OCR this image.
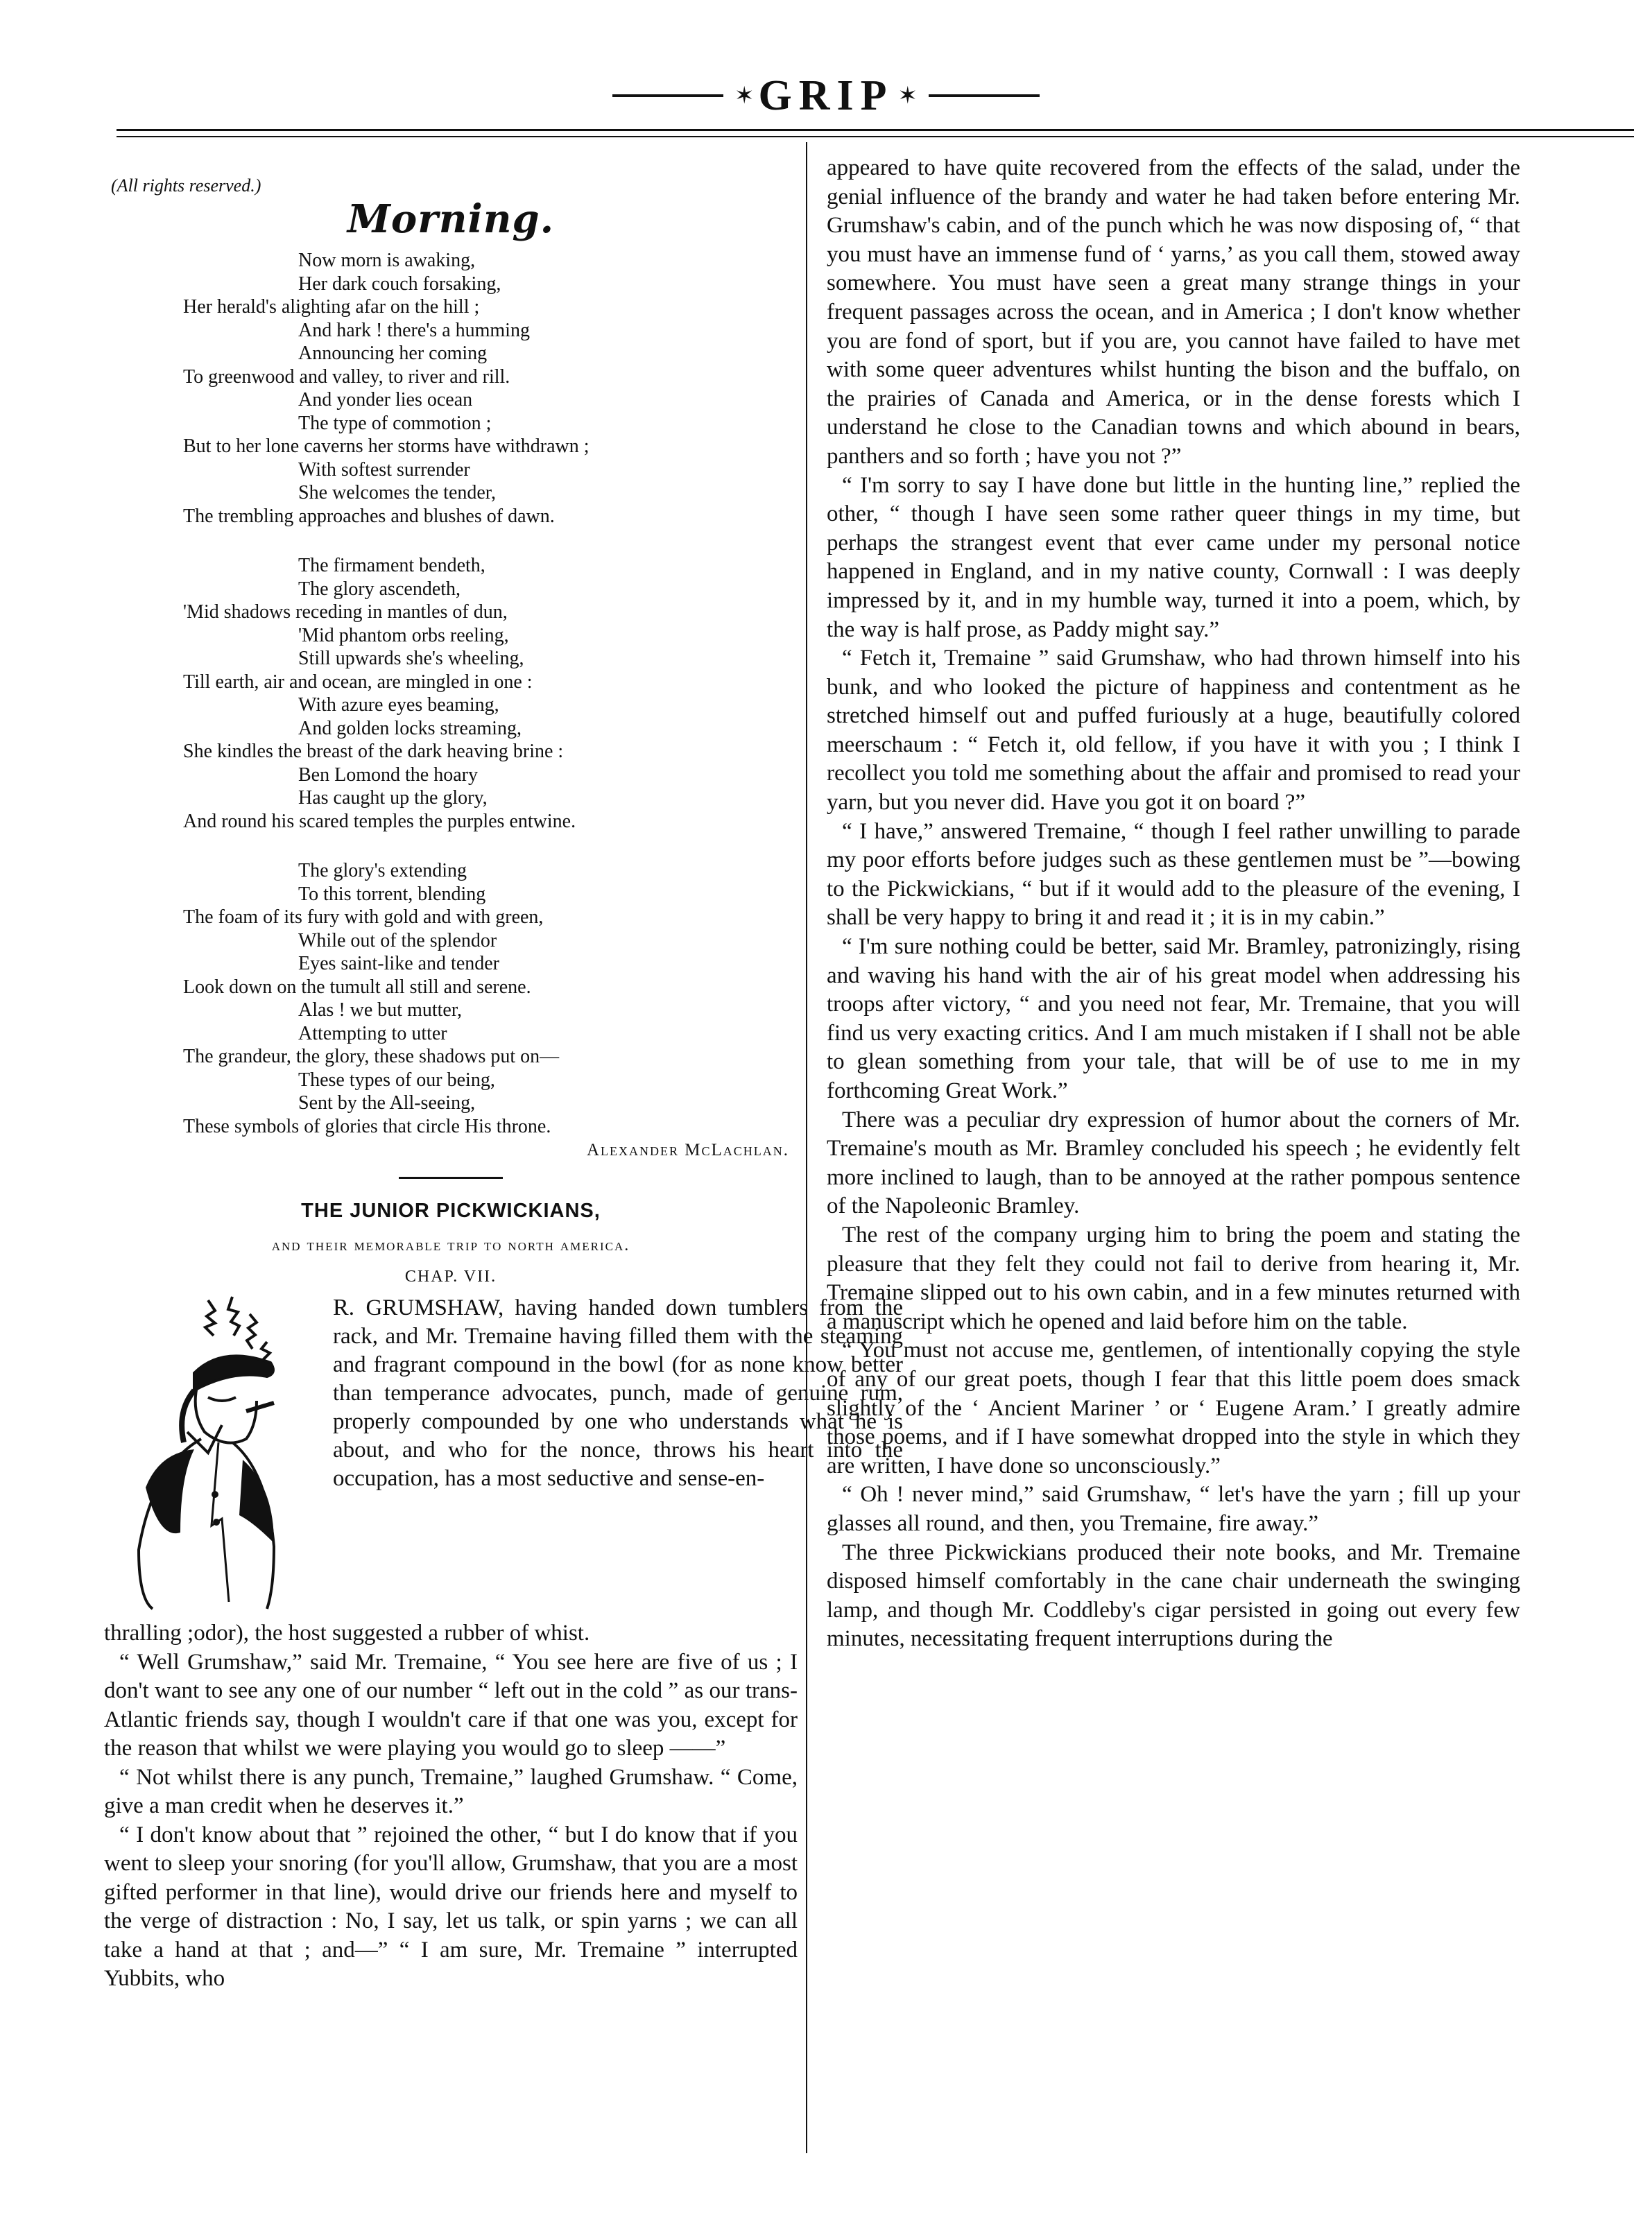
✶ GRIP ✶
(All rights reserved.)
Morning.
Now morn is awaking,
Her dark couch forsaking,
Her herald's alighting afar on the hill ;
And hark ! there's a humming
Announcing her coming
To greenwood and valley, to river and rill.
And yonder lies ocean
The type of commotion ;
But to her lone caverns her storms have withdrawn ;
With softest surrender
She welcomes the tender,
The trembling approaches and blushes of dawn.
The firmament bendeth,
The glory ascendeth,
'Mid shadows receding in mantles of dun,
'Mid phantom orbs reeling,
Still upwards she's wheeling,
Till earth, air and ocean, are mingled in one :
With azure eyes beaming,
And golden locks streaming,
She kindles the breast of the dark heaving brine :
Ben Lomond the hoary
Has caught up the glory,
And round his scared temples the purples entwine.
The glory's extending
To this torrent, blending
The foam of its fury with gold and with green,
While out of the splendor
Eyes saint-like and tender
Look down on the tumult all still and serene.
Alas ! we but mutter,
Attempting to utter
The grandeur, the glory, these shadows put on—
These types of our being,
Sent by the All-seeing,
These symbols of glories that circle His throne.
Alexander McLachlan.
THE JUNIOR PICKWICKIANS,
and their memorable trip to north america.
CHAP. VII.
R. GRUMSHAW, having handed down tumblers from the rack, and Mr. Tremaine having filled them with the steaming and fragrant compound in the bowl (for as none know better than temperance advocates, punch, made of genuine rum, properly compounded by one who understands what he is about, and who for the nonce, throws his heart into the occupation, has a most seductive and sense-en-

thralling ;odor), the host suggested a rubber of whist.

“ Well Grumshaw,” said Mr. Tremaine, “ You see here are five of us ; I don't want to see any one of our number “ left out in the cold ” as our trans-Atlantic friends say, though I wouldn't care if that one was you, except for the reason that whilst we were playing you would go to sleep ——”

“ Not whilst there is any punch, Tremaine,” laughed Grumshaw. “ Come, give a man credit when he deserves it.”

“ I don't know about that ” rejoined the other, “ but I do know that if you went to sleep your snoring (for you'll allow, Grumshaw, that you are a most gifted performer in that line), would drive our friends here and myself to the verge of distraction : No, I say, let us talk, or spin yarns ; we can all take a hand at that ; and—” “ I am sure, Mr. Tremaine ” interrupted Yubbits, who

appeared to have quite recovered from the effects of the salad, under the genial influence of the brandy and water he had taken before entering Mr. Grumshaw's cabin, and of the punch which he was now disposing of, “ that you must have an immense fund of ‘ yarns,’ as you call them, stowed away somewhere. You must have seen a great many strange things in your frequent passages across the ocean, and in America ; I don't know whether you are fond of sport, but if you are, you cannot have failed to have met with some queer adventures whilst hunting the bison and the buffalo, on the prairies of Canada and America, or in the dense forests which I understand he close to the Canadian towns and which abound in bears, panthers and so forth ; have you not ?”

“ I'm sorry to say I have done but little in the hunting line,” replied the other, “ though I have seen some rather queer things in my time, but perhaps the strangest event that ever came under my personal notice happened in England, and in my native county, Cornwall : I was deeply impressed by it, and in my humble way, turned it into a poem, which, by the way is half prose, as Paddy might say.”

“ Fetch it, Tremaine ” said Grumshaw, who had thrown himself into his bunk, and who looked the picture of happiness and contentment as he stretched himself out and puffed furiously at a huge, beautifully colored meerschaum : “ Fetch it, old fellow, if you have it with you ; I think I recollect you told me something about the affair and promised to read your yarn, but you never did. Have you got it on board ?”

“ I have,” answered Tremaine, “ though I feel rather unwilling to parade my poor efforts before judges such as these gentlemen must be ”—bowing to the Pickwickians, “ but if it would add to the pleasure of the evening, I shall be very happy to bring it and read it ; it is in my cabin.”

“ I'm sure nothing could be better, said Mr. Bramley, patronizingly, rising and waving his hand with the air of his great model when addressing his troops after victory, “ and you need not fear, Mr. Tremaine, that you will find us very exacting critics. And I am much mistaken if I shall not be able to glean something from your tale, that will be of use to me in my forthcoming Great Work.”

There was a peculiar dry expression of humor about the corners of Mr. Tremaine's mouth as Mr. Bramley concluded his speech ; he evidently felt more inclined to laugh, than to be annoyed at the rather pompous sentence of the Napoleonic Bramley.

The rest of the company urging him to bring the poem and stating the pleasure that they felt they could not fail to derive from hearing it, Mr. Tremaine slipped out to his own cabin, and in a few minutes returned with a manuscript which he opened and laid before him on the table.

“ You must not accuse me, gentlemen, of intentionally copying the style of any of our great poets, though I fear that this little poem does smack slightly of the ‘ Ancient Mariner ’ or ‘ Eugene Aram.’ I greatly admire those poems, and if I have somewhat dropped into the style in which they are written, I have done so unconsciously.”

“ Oh ! never mind,” said Grumshaw, “ let's have the yarn ; fill up your glasses all round, and then, you Tremaine, fire away.”

The three Pickwickians produced their note books, and Mr. Tremaine disposed himself comfortably in the cane chair underneath the swinging lamp, and though Mr. Coddleby's cigar persisted in going out every few minutes, necessitating frequent interruptions during the
